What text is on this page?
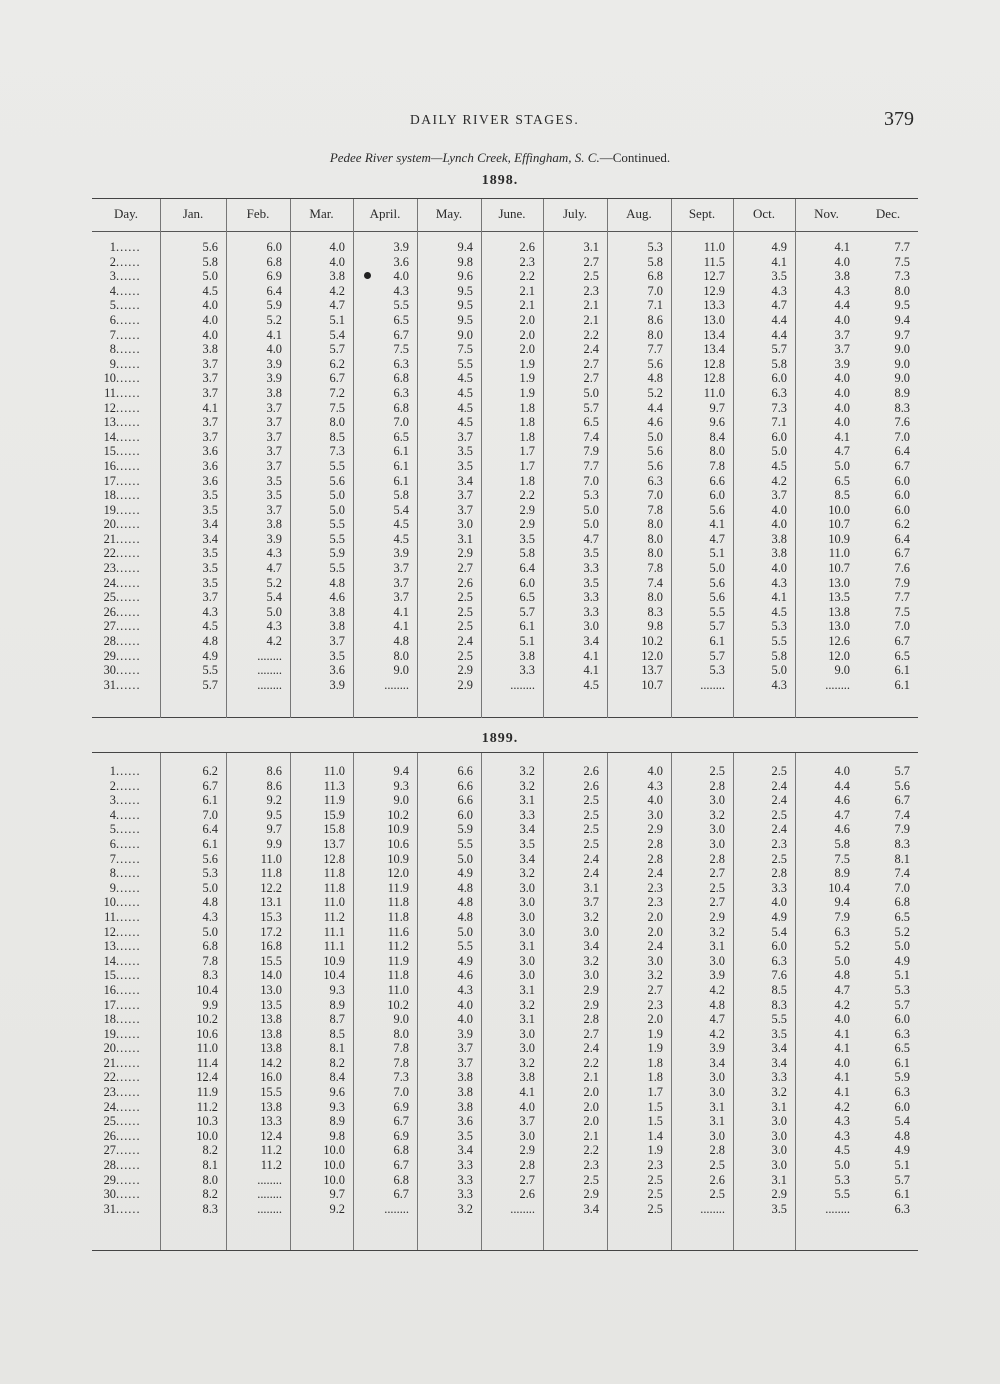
DAILY RIVER STAGES.	379
Pedee River system—Lynch Creek, Effingham, S. C.—Continued.
1898.
Day.	Jan.	Feb.	Mar.	April.	May.	June.	July.	Aug.	Sept.	Oct.	Nov.	Dec.
1......	5.6	6.0	4.0	3.9	9.4	2.6	3.1	5.3	11.0	4.9	4.1	7.7
2......	5.8	6.8	4.0	3.6	9.8	2.3	2.7	5.8	11.5	4.1	4.0	7.5
3......	5.0	6.9	3.8	4.0	9.6	2.2	2.5	6.8	12.7	3.5	3.8	7.3
4......	4.5	6.4	4.2	4.3	9.5	2.1	2.3	7.0	12.9	4.3	4.3	8.0
5......	4.0	5.9	4.7	5.5	9.5	2.1	2.1	7.1	13.3	4.7	4.4	9.5
6......	4.0	5.2	5.1	6.5	9.5	2.0	2.1	8.6	13.0	4.4	4.0	9.4
7......	4.0	4.1	5.4	6.7	9.0	2.0	2.2	8.0	13.4	4.4	3.7	9.7
8......	3.8	4.0	5.7	7.5	7.5	2.0	2.4	7.7	13.4	5.7	3.7	9.0
9......	3.7	3.9	6.2	6.3	5.5	1.9	2.7	5.6	12.8	5.8	3.9	9.0
10......	3.7	3.9	6.7	6.8	4.5	1.9	2.7	4.8	12.8	6.0	4.0	9.0
11......	3.7	3.8	7.2	6.3	4.5	1.9	5.0	5.2	11.0	6.3	4.0	8.9
12......	4.1	3.7	7.5	6.8	4.5	1.8	5.7	4.4	9.7	7.3	4.0	8.3
13......	3.7	3.7	8.0	7.0	4.5	1.8	6.5	4.6	9.6	7.1	4.0	7.6
14......	3.7	3.7	8.5	6.5	3.7	1.8	7.4	5.0	8.4	6.0	4.1	7.0
15......	3.6	3.7	7.3	6.1	3.5	1.7	7.9	5.6	8.0	5.0	4.7	6.4
16......	3.6	3.7	5.5	6.1	3.5	1.7	7.7	5.6	7.8	4.5	5.0	6.7
17......	3.6	3.5	5.6	6.1	3.4	1.8	7.0	6.3	6.6	4.2	6.5	6.0
18......	3.5	3.5	5.0	5.8	3.7	2.2	5.3	7.0	6.0	3.7	8.5	6.0
19......	3.5	3.7	5.0	5.4	3.7	2.9	5.0	7.8	5.6	4.0	10.0	6.0
20......	3.4	3.8	5.5	4.5	3.0	2.9	5.0	8.0	4.1	4.0	10.7	6.2
21......	3.4	3.9	5.5	4.5	3.1	3.5	4.7	8.0	4.7	3.8	10.9	6.4
22......	3.5	4.3	5.9	3.9	2.9	5.8	3.5	8.0	5.1	3.8	11.0	6.7
23......	3.5	4.7	5.5	3.7	2.7	6.4	3.3	7.8	5.0	4.0	10.7	7.6
24......	3.5	5.2	4.8	3.7	2.6	6.0	3.5	7.4	5.6	4.3	13.0	7.9
25......	3.7	5.4	4.6	3.7	2.5	6.5	3.3	8.0	5.6	4.1	13.5	7.7
26......	4.3	5.0	3.8	4.1	2.5	5.7	3.3	8.3	5.5	4.5	13.8	7.5
27......	4.5	4.3	3.8	4.1	2.5	6.1	3.0	9.8	5.7	5.3	13.0	7.0
28......	4.8	4.2	3.7	4.8	2.4	5.1	3.4	10.2	6.1	5.5	12.6	6.7
29......	4.9	........	3.5	8.0	2.5	3.8	4.1	12.0	5.7	5.8	12.0	6.5
30......	5.5	........	3.6	9.0	2.9	3.3	4.1	13.7	5.3	5.0	9.0	6.1
31......	5.7	........	3.9	........	2.9	........	4.5	10.7	........	4.3	........	6.1
1899.
1......	6.2	8.6	11.0	9.4	6.6	3.2	2.6	4.0	2.5	2.5	4.0	5.7
2......	6.7	8.6	11.3	9.3	6.6	3.2	2.6	4.3	2.8	2.4	4.4	5.6
3......	6.1	9.2	11.9	9.0	6.6	3.1	2.5	4.0	3.0	2.4	4.6	6.7
4......	7.0	9.5	15.9	10.2	6.0	3.3	2.5	3.0	3.2	2.5	4.7	7.4
5......	6.4	9.7	15.8	10.9	5.9	3.4	2.5	2.9	3.0	2.4	4.6	7.9
6......	6.1	9.9	13.7	10.6	5.5	3.5	2.5	2.8	3.0	2.3	5.8	8.3
7......	5.6	11.0	12.8	10.9	5.0	3.4	2.4	2.8	2.8	2.5	7.5	8.1
8......	5.3	11.8	11.8	12.0	4.9	3.2	2.4	2.4	2.7	2.8	8.9	7.4
9......	5.0	12.2	11.8	11.9	4.8	3.0	3.1	2.3	2.5	3.3	10.4	7.0
10......	4.8	13.1	11.0	11.8	4.8	3.0	3.7	2.3	2.7	4.0	9.4	6.8
11......	4.3	15.3	11.2	11.8	4.8	3.0	3.2	2.0	2.9	4.9	7.9	6.5
12......	5.0	17.2	11.1	11.6	5.0	3.0	3.0	2.0	3.2	5.4	6.3	5.2
13......	6.8	16.8	11.1	11.2	5.5	3.1	3.4	2.4	3.1	6.0	5.2	5.0
14......	7.8	15.5	10.9	11.9	4.9	3.0	3.2	3.0	3.0	6.3	5.0	4.9
15......	8.3	14.0	10.4	11.8	4.6	3.0	3.0	3.2	3.9	7.6	4.8	5.1
16......	10.4	13.0	9.3	11.0	4.3	3.1	2.9	2.7	4.2	8.5	4.7	5.3
17......	9.9	13.5	8.9	10.2	4.0	3.2	2.9	2.3	4.8	8.3	4.2	5.7
18......	10.2	13.8	8.7	9.0	4.0	3.1	2.8	2.0	4.7	5.5	4.0	6.0
19......	10.6	13.8	8.5	8.0	3.9	3.0	2.7	1.9	4.2	3.5	4.1	6.3
20......	11.0	13.8	8.1	7.8	3.7	3.0	2.4	1.9	3.9	3.4	4.1	6.5
21......	11.4	14.2	8.2	7.8	3.7	3.2	2.2	1.8	3.4	3.4	4.0	6.1
22......	12.4	16.0	8.4	7.3	3.8	3.8	2.1	1.8	3.0	3.3	4.1	5.9
23......	11.9	15.5	9.6	7.0	3.8	4.1	2.0	1.7	3.0	3.2	4.1	6.3
24......	11.2	13.8	9.3	6.9	3.8	4.0	2.0	1.5	3.1	3.1	4.2	6.0
25......	10.3	13.3	8.9	6.7	3.6	3.7	2.0	1.5	3.1	3.0	4.3	5.4
26......	10.0	12.4	9.8	6.9	3.5	3.0	2.1	1.4	3.0	3.0	4.3	4.8
27......	8.2	11.2	10.0	6.8	3.4	2.9	2.2	1.9	2.8	3.0	4.5	4.9
28......	8.1	11.2	10.0	6.7	3.3	2.8	2.3	2.3	2.5	3.0	5.0	5.1
29......	8.0	........	10.0	6.8	3.3	2.7	2.5	2.5	2.6	3.1	5.3	5.7
30......	8.2	........	9.7	6.7	3.3	2.6	2.9	2.5	2.5	2.9	5.5	6.1
31......	8.3	........	9.2	........	3.2	........	3.4	2.5	........	3.5	........	6.3
